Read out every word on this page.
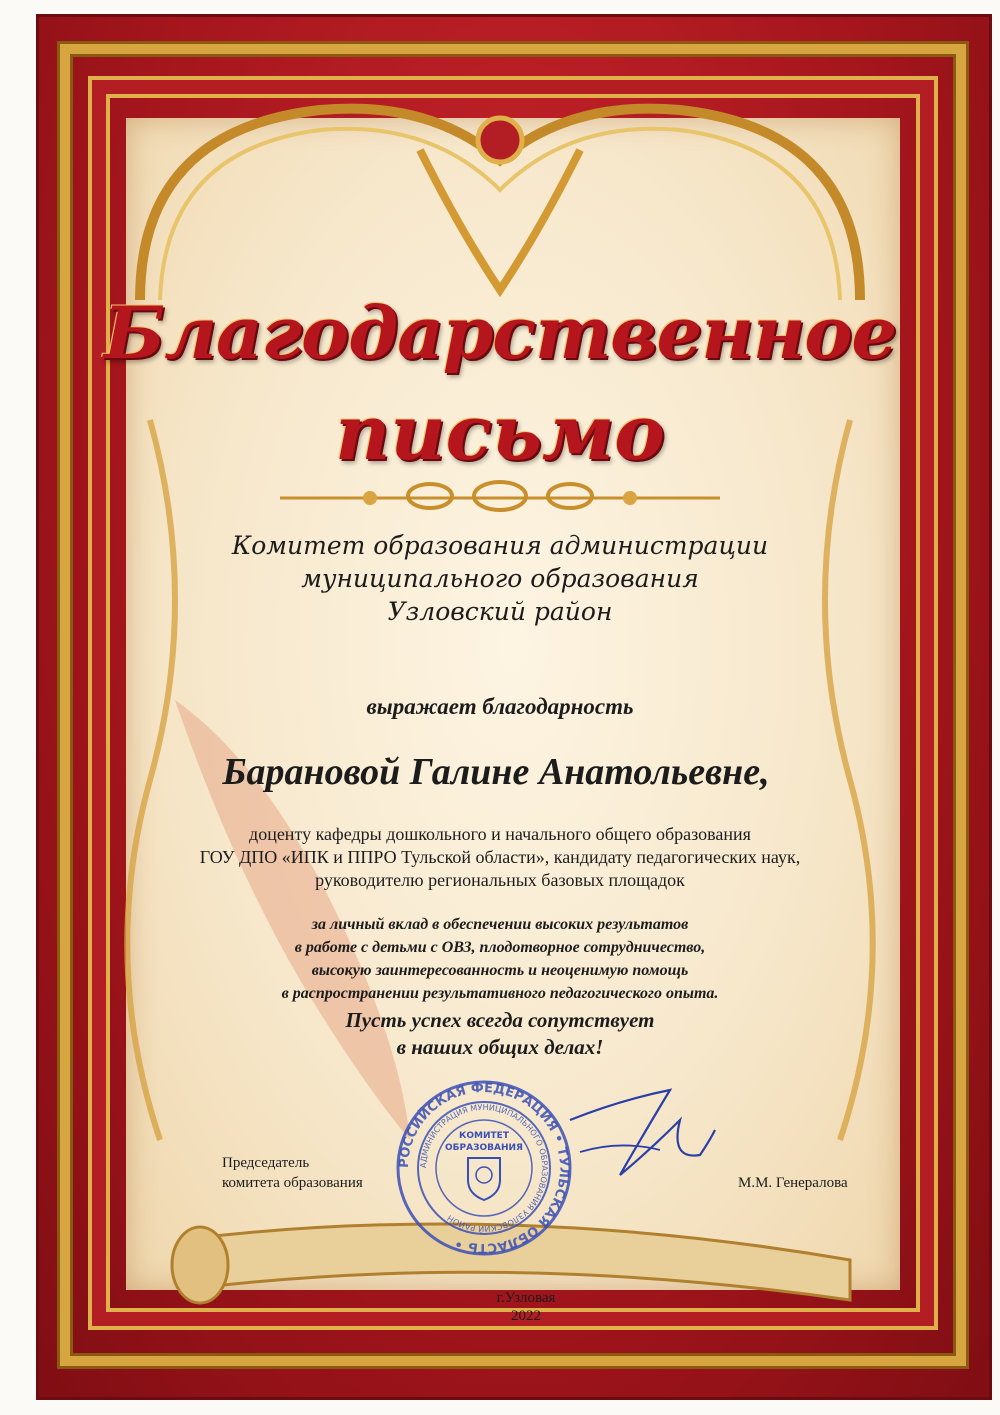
Благодарственное
письмо
Комитет образования администрации
муниципального образования
Узловский район
выражает благодарность
Барановой Галине Анатольевне,
доценту кафедры дошкольного и начального общего образования
ГОУ ДПО «ИПК и ППРО Тульской области», кандидату педагогических наук,
руководителю региональных базовых площадок
за личный вклад в обеспечении высоких результатов
в работе с детьми с ОВЗ, плодотворное сотрудничество,
высокую заинтересованность и неоценимую помощь
в распространении результативного педагогического опыта.
Пусть успех всегда сопутствует
в наших общих делах!
Председатель
комитета образования	М.М. Генералова
РОССИЙСКАЯ ФЕДЕРАЦИЯ • ТУЛЬСКАЯ ОБЛАСТЬ •
АДМИНИСТРАЦИЯ МУНИЦИПАЛЬНОГО ОБРАЗОВАНИЯ УЗЛОВСКИЙ РАЙОН
КОМИТЕТ
ОБРАЗОВАНИЯ
г.Узловая
2022
